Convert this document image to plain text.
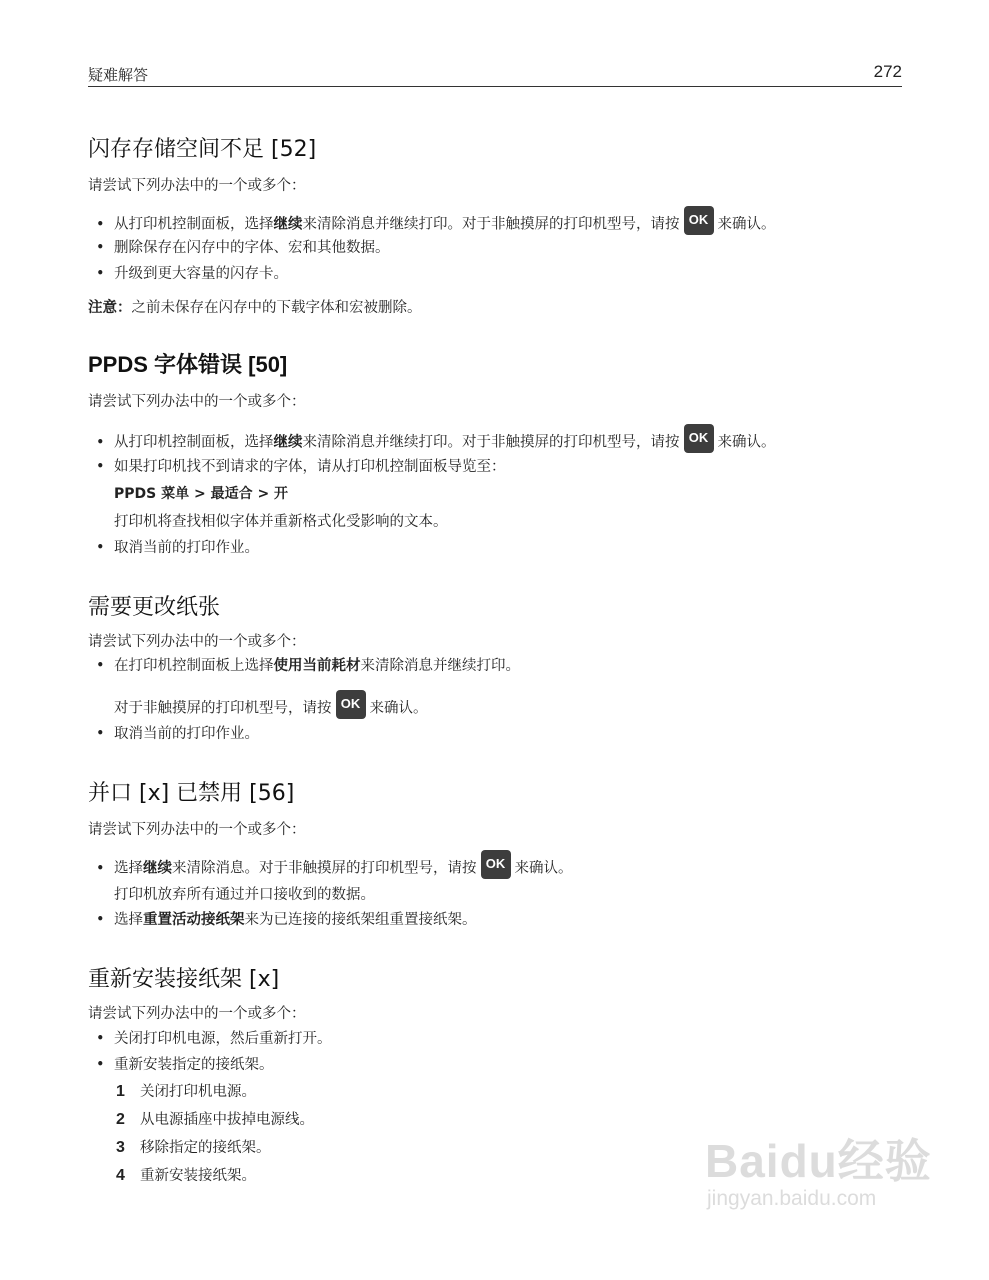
疑难解答	272
闪存存储空间不足 [52]
请尝试下列办法中的一个或多个：
• 从打印机控制面板，选择继续来清除消息并继续打印。对于非触摸屏的打印机型号，请按 OK 来确认。
• 删除保存在闪存中的字体、宏和其他数据。
• 升级到更大容量的闪存卡。
注意：之前未保存在闪存中的下载字体和宏被删除。
PPDS 字体错误 [50]
请尝试下列办法中的一个或多个：
• 从打印机控制面板，选择继续来清除消息并继续打印。对于非触摸屏的打印机型号，请按 OK 来确认。
• 如果打印机找不到请求的字体，请从打印机控制面板导览至：
PPDS 菜单 > 最适合 > 开
打印机将查找相似字体并重新格式化受影响的文本。
• 取消当前的打印作业。
需要更改纸张
请尝试下列办法中的一个或多个：
• 在打印机控制面板上选择使用当前耗材来清除消息并继续打印。
对于非触摸屏的打印机型号，请按 OK 来确认。
• 取消当前的打印作业。
并口 [x] 已禁用 [56]
请尝试下列办法中的一个或多个：
• 选择继续来清除消息。对于非触摸屏的打印机型号，请按 OK 来确认。
打印机放弃所有通过并口接收到的数据。
• 选择重置活动接纸架来为已连接的接纸架组重置接纸架。
重新安装接纸架 [x]
请尝试下列办法中的一个或多个：
• 关闭打印机电源，然后重新打开。
• 重新安装指定的接纸架。
1 关闭打印机电源。
2 从电源插座中拔掉电源线。
3 移除指定的接纸架。
4 重新安装接纸架。	Baidu经验
jingyan.baidu.com
